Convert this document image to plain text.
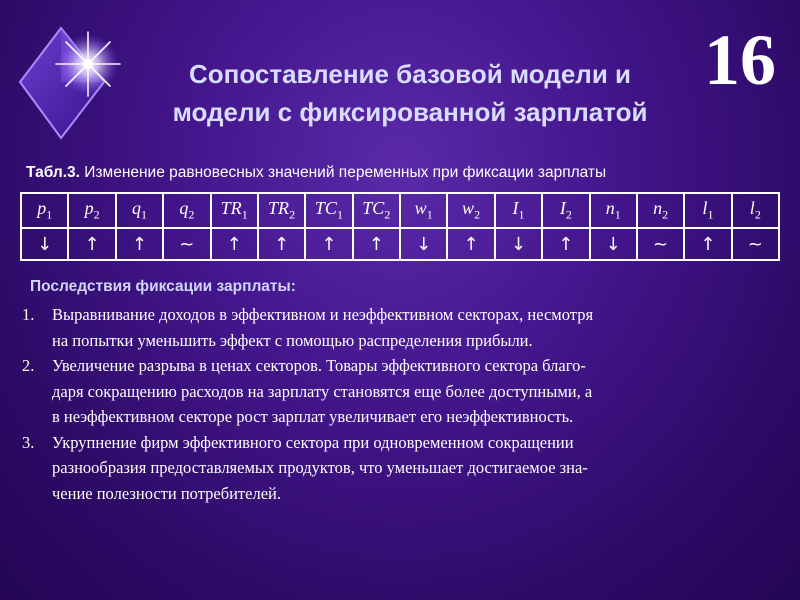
16
Сопоставление базовой модели и
модели с фиксированной зарплатой
Табл.3. Изменение равновесных значений переменных при фиксации зарплаты
$p_1$	$p_2$	$q_1$	$q_2$	$TR_1$	$TR_2$	$TC_1$	$TC_2$	$w_1$	$w_2$	$I_1$	$I_2$	$n_1$	$n_2$	$l_1$	$l_2$
↓	↑	↑	~	↑	↑	↑	↑	↓	↑	↓	↑	↓	~	↑	~
Последствия фиксации зарплаты:
1.	Выравнивание доходов в эффективном и неэффективном секторах, несмотря
на попытки уменьшить эффект с помощью распределения прибыли.
2.	Увеличение разрыва в ценах секторов. Товары эффективного сектора благо-
даря сокращению расходов на зарплату становятся еще более доступными, а
в неэффективном секторе рост зарплат увеличивает его неэффективность.
3.	Укрупнение фирм эффективного сектора при одновременном сокращении
разнообразия предоставляемых продуктов, что уменьшает достигаемое зна-
чение полезности потребителей.
